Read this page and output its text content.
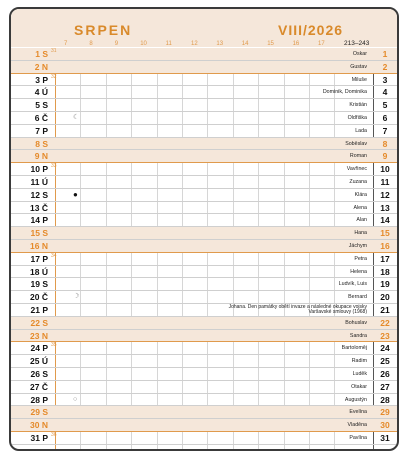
SRPEN	VIII/2026
7	8	9	10	11	12	13	14	15	16	17	213–243
1 S 31	Oskar	1
2 N	Gustav	2
3 P 32	Miluše	3
4 Ú	Dominik, Dominika	4
5 S	Kristián	5
6 Č	☾	Oldřiška	6
7 P	Lada	7
8 S	Soběslav	8
9 N	Roman	9
10 P 33	Vavřinec	10
11 Ú	Zuzana	11
12 S	●	Klára	12
13 Č	Alena	13
14 P	Alan	14
15 S	Hana	15
16 N	Jáchym	16
17 P 34	Petra	17
18 Ú	Helena	18
19 S	Ludvík, Luis	19
20 Č	☽	Bernard	20
21 P	Johana. Den památky obětí invaze a následné okupace vojsky Varšavské smlouvy (1968)	21
22 S	Bohuslav	22
23 N	Sandra	23
24 P 35	Bartoloměj	24
25 Ú	Radim	25
26 S	Luděk	26
27 Č	Otakar	27
28 P	○	Augustýn	28
29 S	Evelína	29
30 N	Vladěna	30
31 P 36	Pavlína	31
